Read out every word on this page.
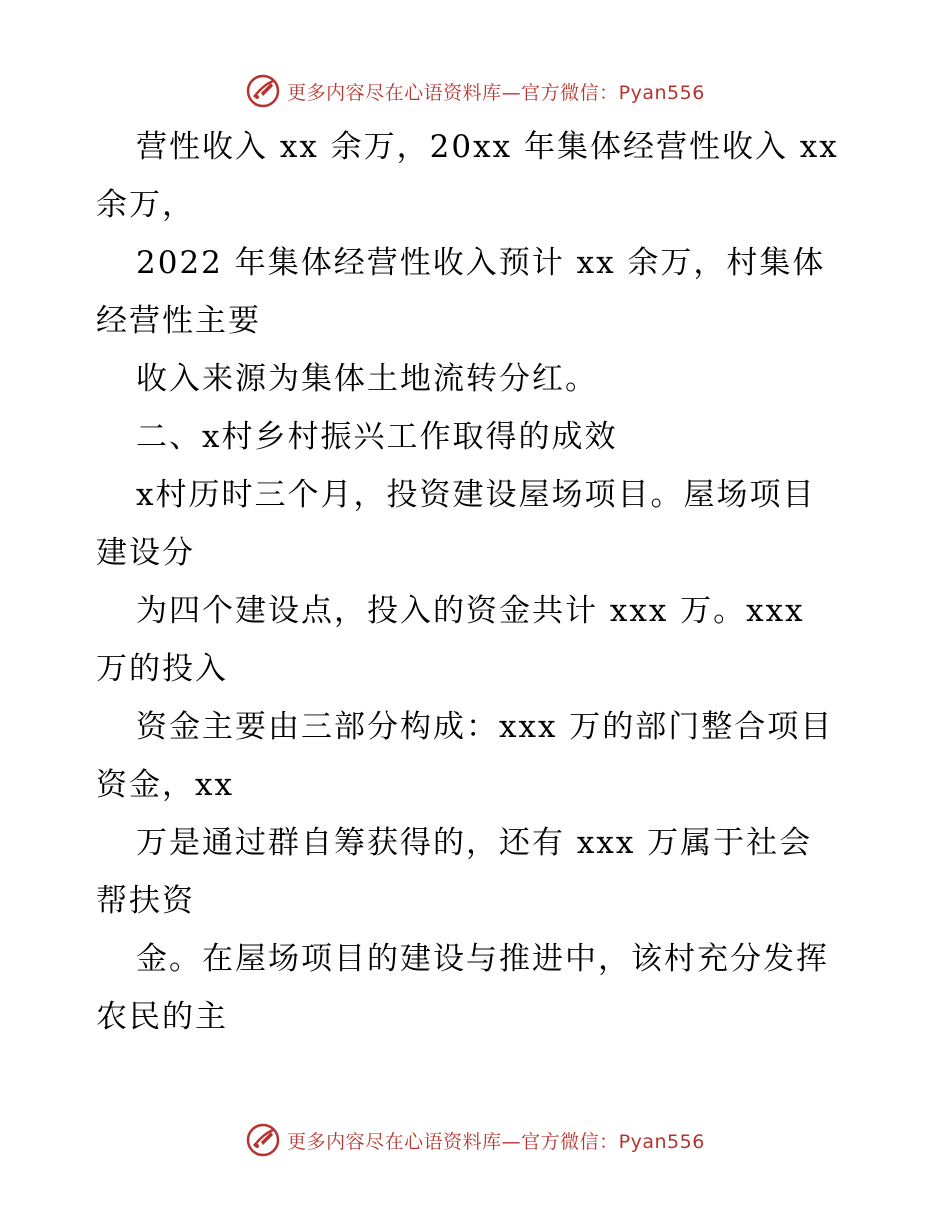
更多内容尽在心语资料库—官方微信：Pyan556
营性收入 xx 余万，20xx 年集体经营性收入 xx
余万，
2022 年集体经营性收入预计 xx 余万，村集体
经营性主要
收入来源为集体土地流转分红。
二、x村乡村振兴工作取得的成效
x村历时三个月，投资建设屋场项目。屋场项目
建设分
为四个建设点，投入的资金共计 xxx 万。xxx
万的投入
资金主要由三部分构成：xxx 万的部门整合项目
资金，xx
万是通过群自筹获得的，还有 xxx 万属于社会
帮扶资
金。在屋场项目的建设与推进中，该村充分发挥
农民的主
更多内容尽在心语资料库—官方微信：Pyan556
